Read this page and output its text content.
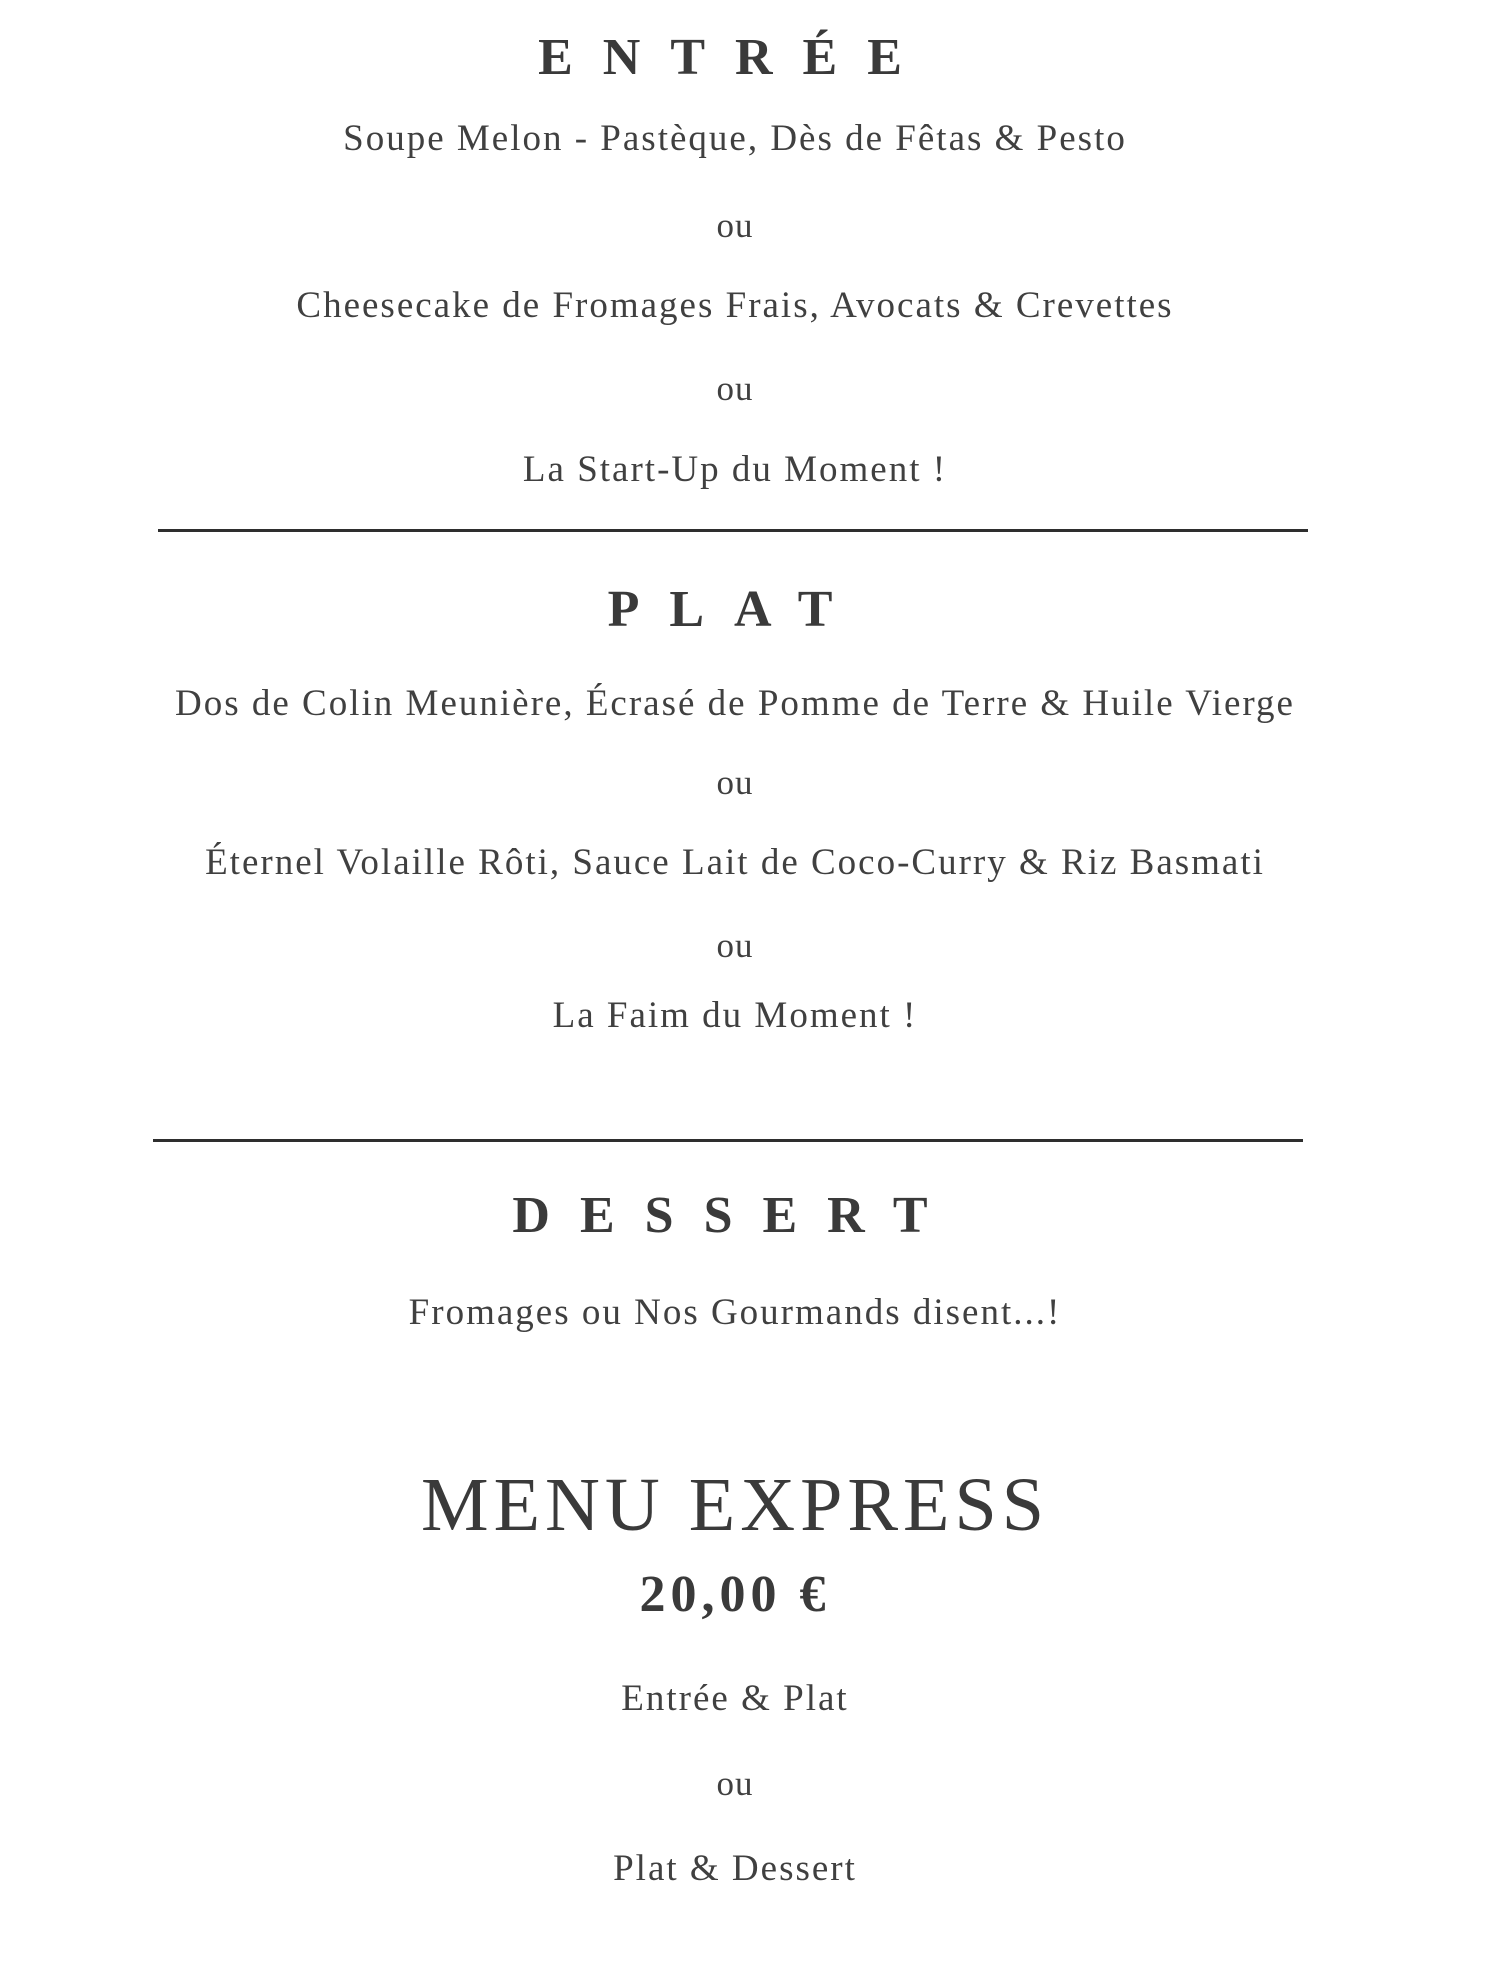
ENTRÉE
Soupe Melon - Pastèque, Dès de Fêtas & Pesto
ou
Cheesecake de Fromages Frais, Avocats & Crevettes
ou
La Start-Up du Moment !
PLAT
Dos de Colin Meunière, Écrasé de Pomme de Terre & Huile Vierge
ou
Éternel Volaille Rôti, Sauce Lait de Coco-Curry & Riz Basmati
ou
La Faim du Moment !
DESSERT
Fromages ou Nos Gourmands disent...!
MENU EXPRESS
20,00 €
Entrée & Plat
ou
Plat & Dessert
